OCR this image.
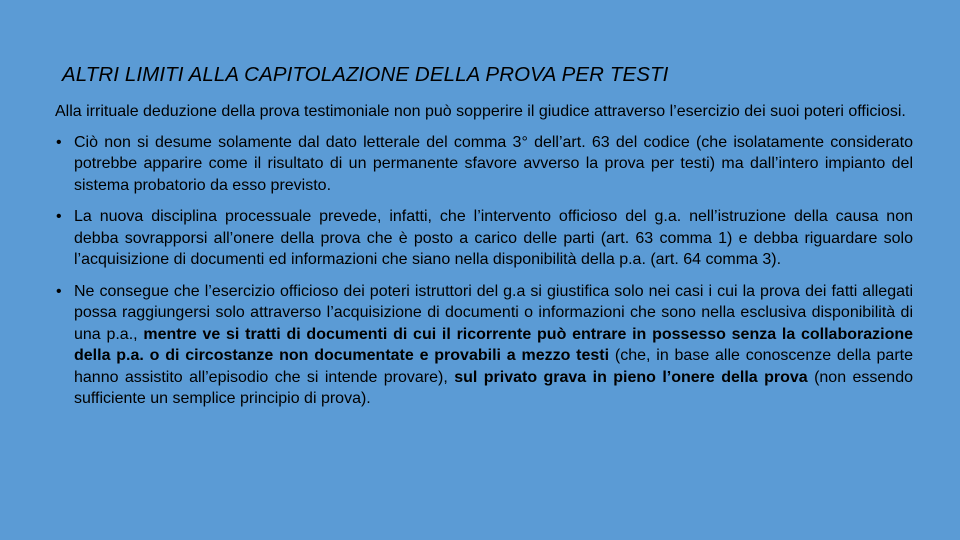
ALTRI LIMITI ALLA CAPITOLAZIONE DELLA PROVA PER TESTI

Alla irrituale deduzione della prova testimoniale non può sopperire il giudice attraverso l’esercizio dei suoi poteri officiosi.

• Ciò non si desume solamente dal dato letterale del comma 3° dell’art. 63 del codice (che isolatamente considerato potrebbe apparire come il risultato di un permanente sfavore avverso la prova per testi) ma dall’intero impianto del sistema probatorio da esso previsto.
• La nuova disciplina processuale prevede, infatti, che l’intervento officioso del g.a. nell’istruzione della causa non debba sovrapporsi all’onere della prova che è posto a carico delle parti (art. 63 comma 1) e debba riguardare solo l’acquisizione di documenti ed informazioni che siano nella disponibilità della p.a. (art. 64 comma 3).
• Ne consegue che l’esercizio officioso dei poteri istruttori del g.a si giustifica solo nei casi i cui la prova dei fatti allegati possa raggiungersi solo attraverso l’acquisizione di documenti o informazioni che sono nella esclusiva disponibilità di una p.a., mentre ve si tratti di documenti di cui il ricorrente può entrare in possesso senza la collaborazione della p.a. o di circostanze non documentate e provabili a mezzo testi (che, in base alle conoscenze della parte hanno assistito all’episodio che si intende provare), sul privato grava in pieno l’onere della prova (non essendo sufficiente un semplice principio di prova).
